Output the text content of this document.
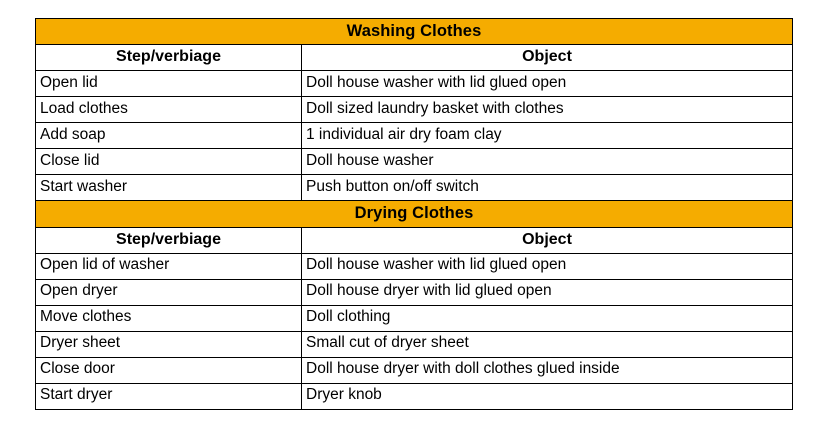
Washing Clothes	
Step/verbiage	Object
Open lid	Doll house washer with lid glued open
Load clothes	Doll sized laundry basket with clothes
Add soap	1 individual air dry foam clay
Close lid	Doll house washer
Start washer	Push button on/off switch
Drying Clothes	
Step/verbiage	Object
Open lid of washer	Doll house washer with lid glued open
Open dryer	Doll house dryer with lid glued open
Move clothes	Doll clothing
Dryer sheet	Small cut of dryer sheet
Close door	Doll house dryer with doll clothes glued inside
Start dryer	Dryer knob
